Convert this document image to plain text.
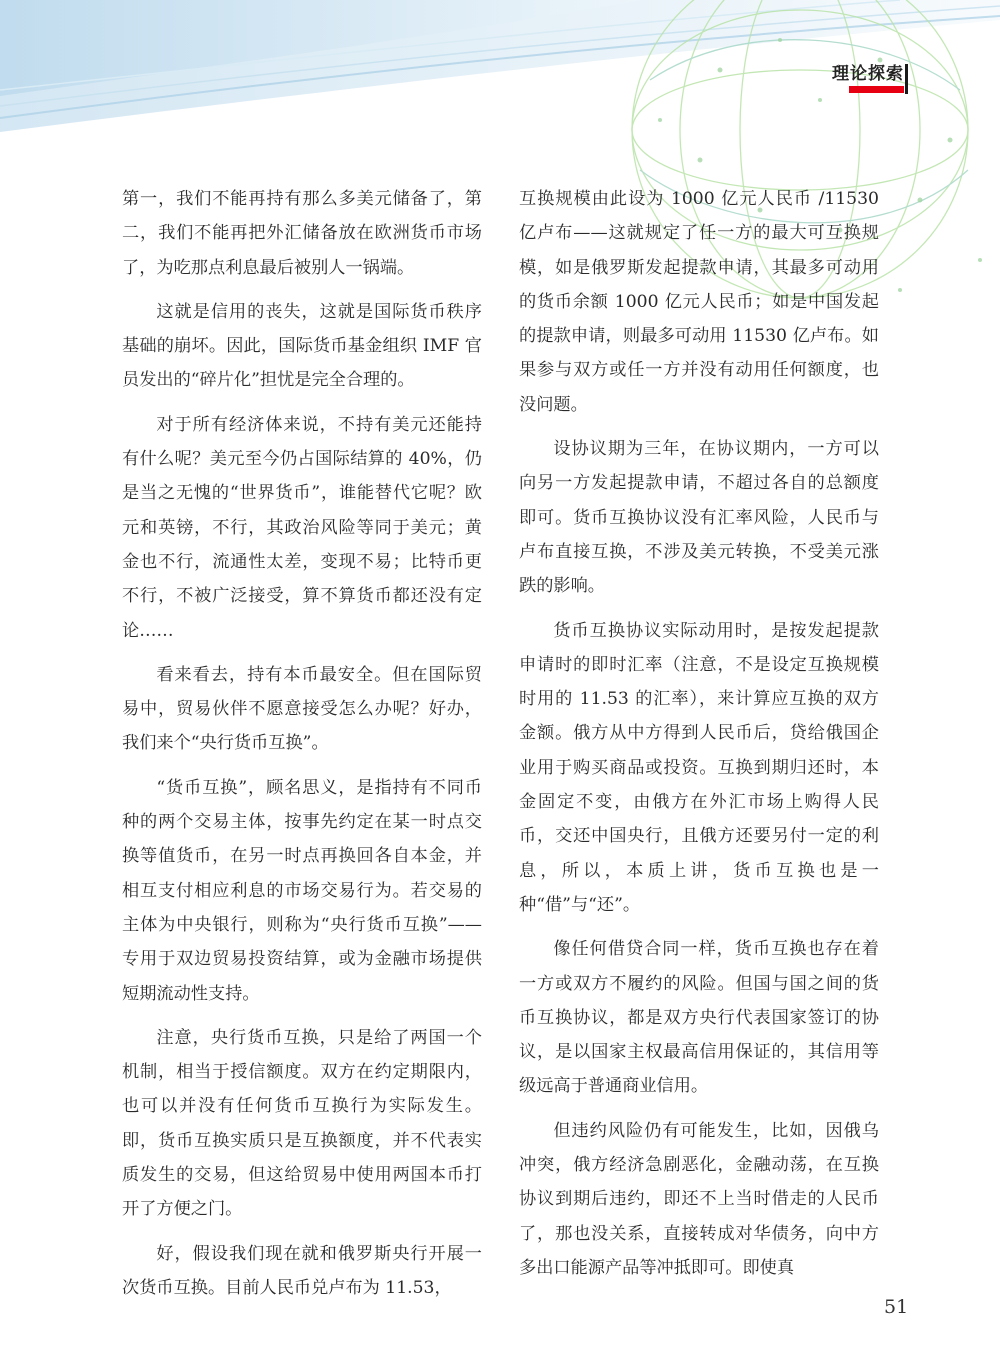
理论探索

第一，我们不能再持有那么多美元储备了，第二，我们不能再把外汇储备放在欧洲货币市场了，为吃那点利息最后被别人一锅端。

这就是信用的丧失，这就是国际货币秩序基础的崩坏。因此，国际货币基金组织 IMF 官员发出的“碎片化”担忧是完全合理的。

对于所有经济体来说，不持有美元还能持有什么呢？美元至今仍占国际结算的 40%，仍是当之无愧的“世界货币”，谁能替代它呢？欧元和英镑，不行，其政治风险等同于美元；黄金也不行，流通性太差，变现不易；比特币更不行，不被广泛接受，算不算货币都还没有定论……

看来看去，持有本币最安全。但在国际贸易中，贸易伙伴不愿意接受怎么办呢？好办，我们来个“央行货币互换”。

“货币互换”，顾名思义，是指持有不同币种的两个交易主体，按事先约定在某一时点交换等值货币，在另一时点再换回各自本金，并相互支付相应利息的市场交易行为。若交易的主体为中央银行，则称为“央行货币互换”——专用于双边贸易投资结算，或为金融市场提供短期流动性支持。

注意，央行货币互换，只是给了两国一个机制，相当于授信额度。双方在约定期限内，也可以并没有任何货币互换行为实际发生。即，货币互换实质只是互换额度，并不代表实质发生的交易，但这给贸易中使用两国本币打开了方便之门。

好，假设我们现在就和俄罗斯央行开展一次货币互换。目前人民币兑卢布为 11.53，

互换规模由此设为 1000 亿元人民币 /11530 亿卢布——这就规定了任一方的最大可互换规模，如是俄罗斯发起提款申请，其最多可动用的货币余额 1000 亿元人民币；如是中国发起的提款申请，则最多可动用 11530 亿卢布。如果参与双方或任一方并没有动用任何额度，也没问题。

设协议期为三年，在协议期内，一方可以向另一方发起提款申请，不超过各自的总额度即可。货币互换协议没有汇率风险，人民币与卢布直接互换，不涉及美元转换，不受美元涨跌的影响。

货币互换协议实际动用时，是按发起提款申请时的即时汇率（注意，不是设定互换规模时用的 11.53 的汇率），来计算应互换的双方金额。俄方从中方得到人民币后，贷给俄国企业用于购买商品或投资。互换到期归还时，本金固定不变，由俄方在外汇市场上购得人民币，交还中国央行，且俄方还要另付一定的利息，所以，本质上讲，货币互换也是一种“借”与“还”。

像任何借贷合同一样，货币互换也存在着一方或双方不履约的风险。但国与国之间的货币互换协议，都是双方央行代表国家签订的协议，是以国家主权最高信用保证的，其信用等级远高于普通商业信用。

但违约风险仍有可能发生，比如，因俄乌冲突，俄方经济急剧恶化，金融动荡，在互换协议到期后违约，即还不上当时借走的人民币了，那也没关系，直接转成对华债务，向中方多出口能源产品等冲抵即可。即使真

51
